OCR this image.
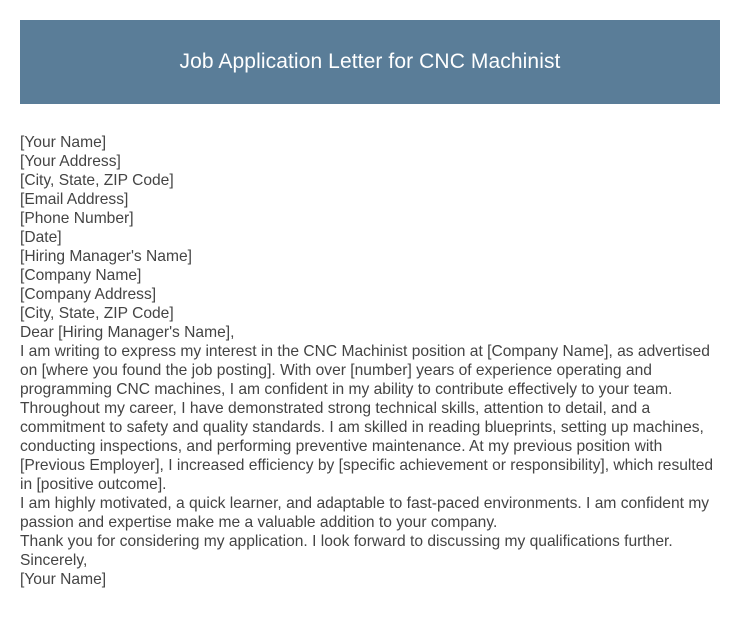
Job Application Letter for CNC Machinist

[Your Name]

[Your Address]

[City, State, ZIP Code]

[Email Address]

[Phone Number]

[Date]

[Hiring Manager's Name]

[Company Name]

[Company Address]

[City, State, ZIP Code]

Dear [Hiring Manager's Name],

I am writing to express my interest in the CNC Machinist position at [Company Name], as advertised on [where you found the job posting]. With over [number] years of experience operating and programming CNC machines, I am confident in my ability to contribute effectively to your team.

Throughout my career, I have demonstrated strong technical skills, attention to detail, and a commitment to safety and quality standards. I am skilled in reading blueprints, setting up machines, conducting inspections, and performing preventive maintenance. At my previous position with [Previous Employer], I increased efficiency by [specific achievement or responsibility], which resulted in [positive outcome].

I am highly motivated, a quick learner, and adaptable to fast-paced environments. I am confident my passion and expertise make me a valuable addition to your company.

Thank you for considering my application. I look forward to discussing my qualifications further.

Sincerely,

[Your Name]
